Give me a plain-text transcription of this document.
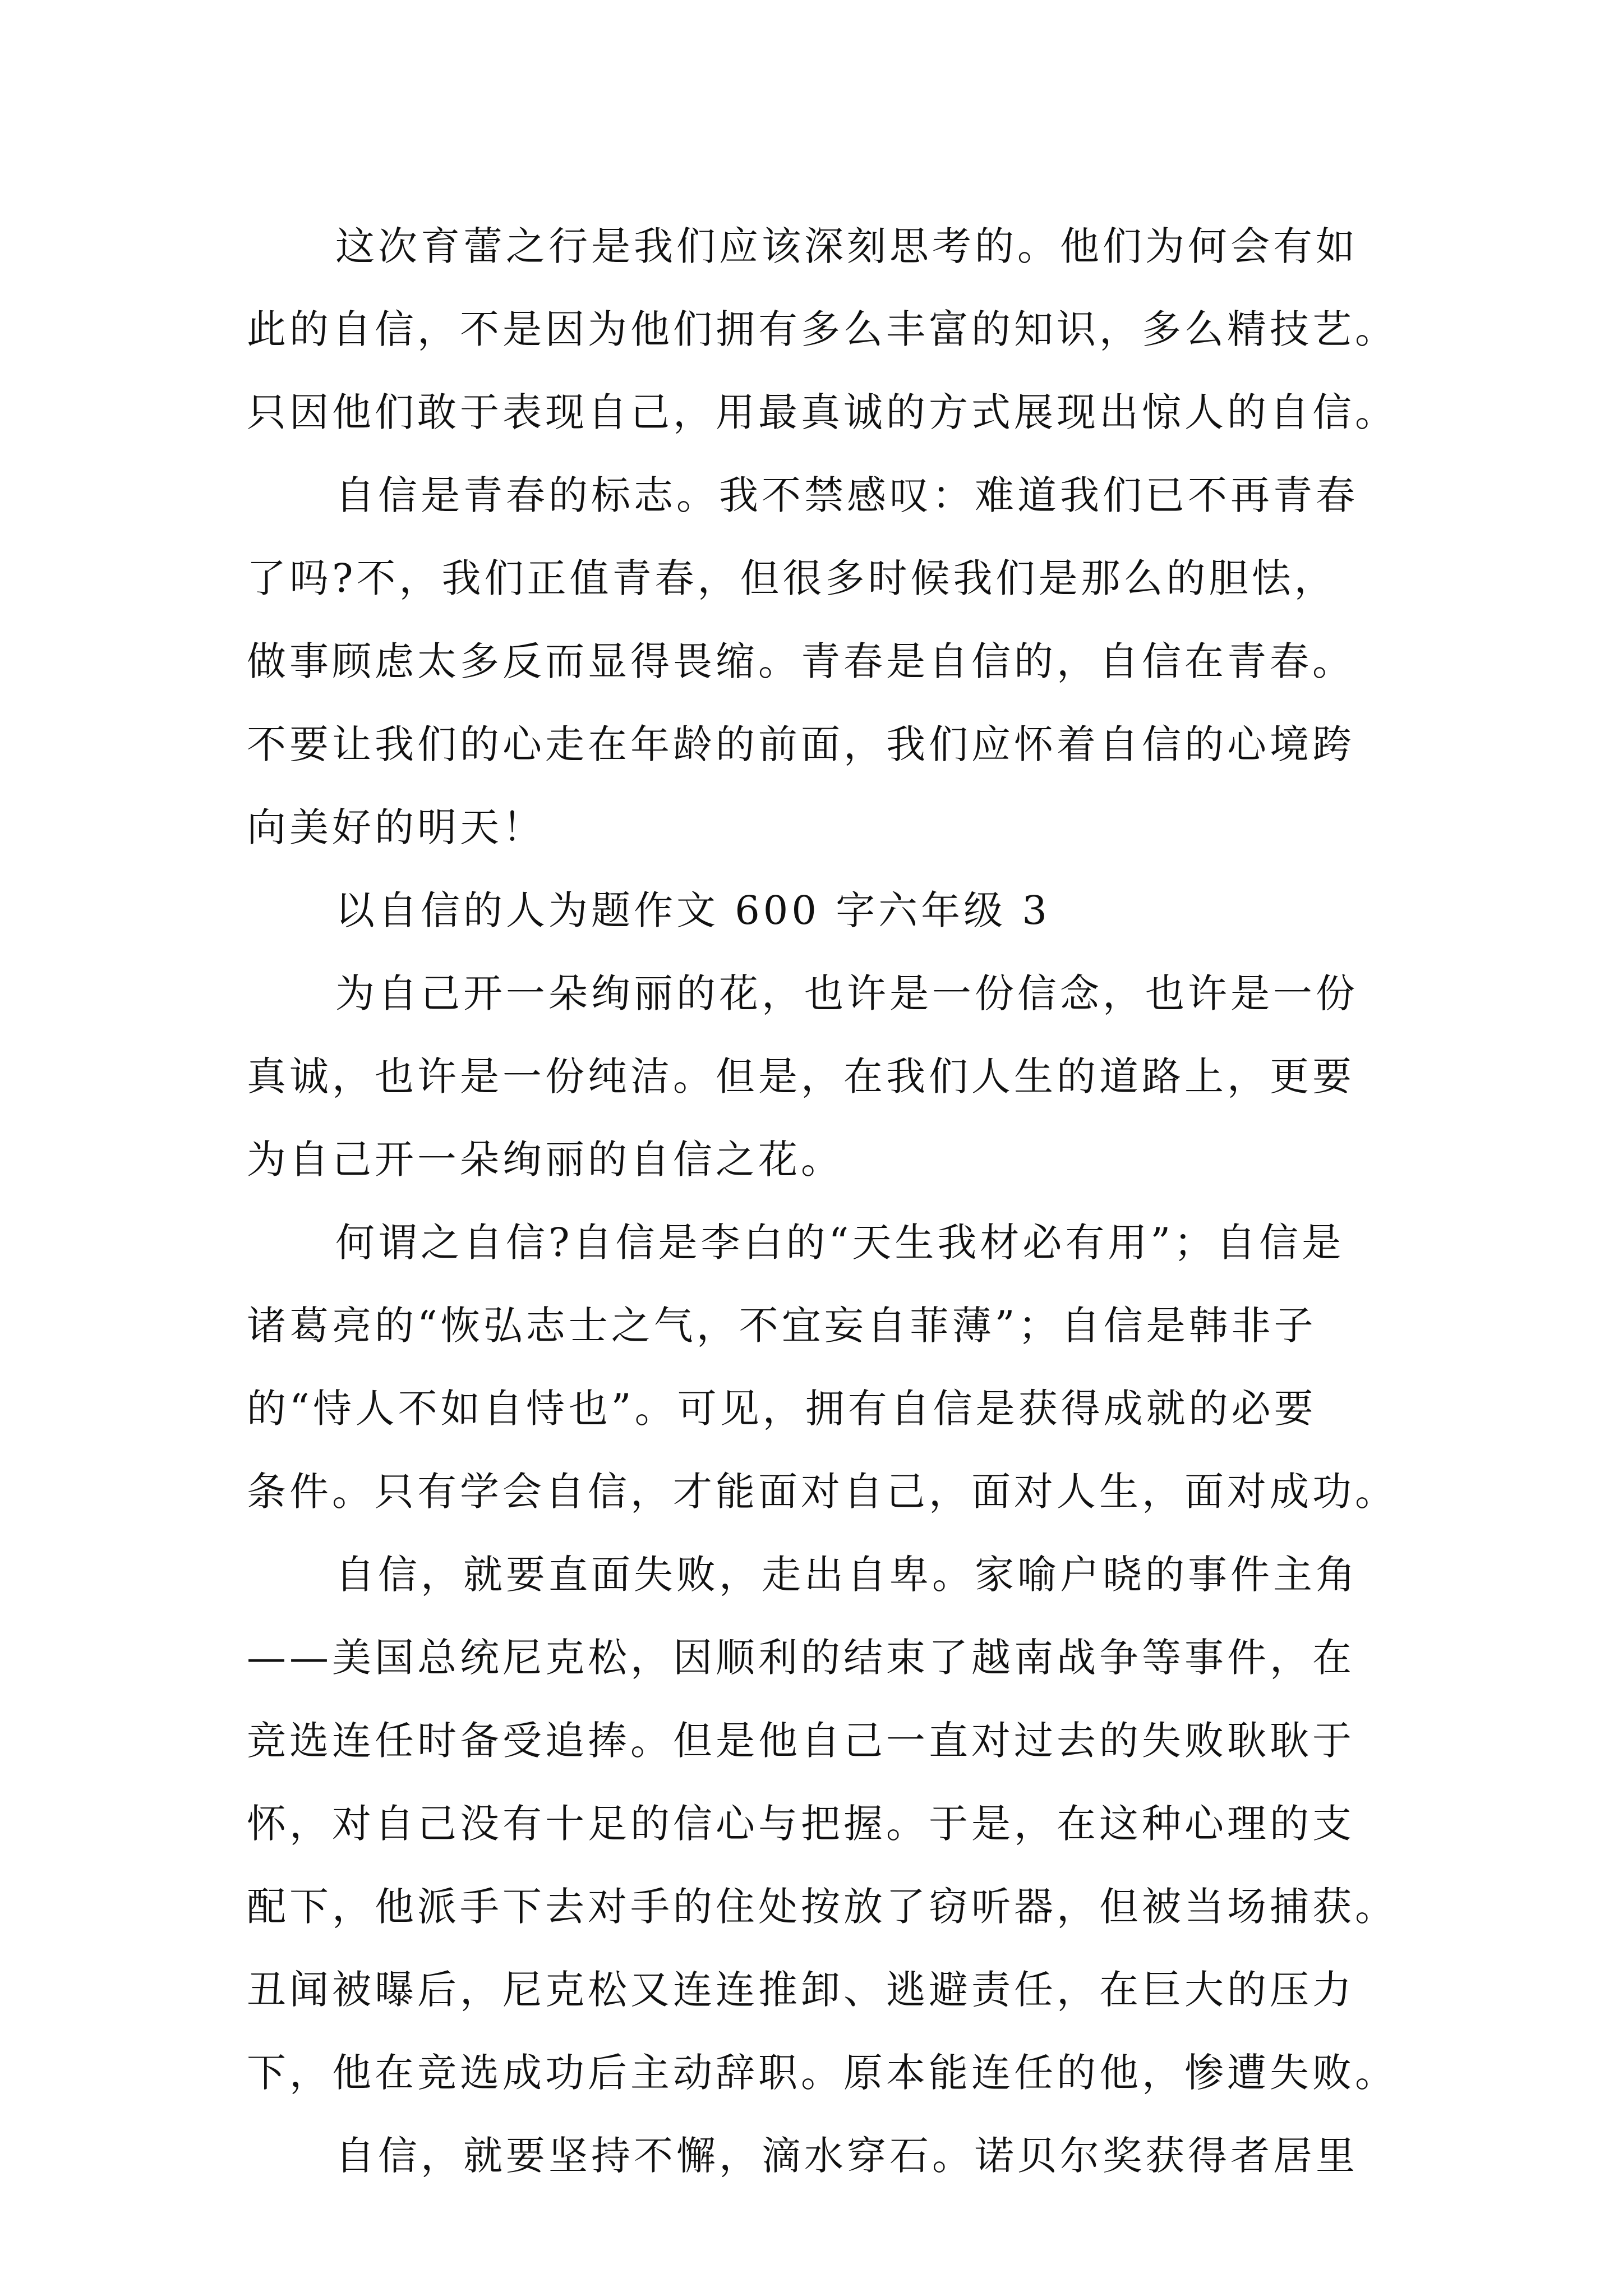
这次育蕾之行是我们应该深刻思考的。他们为何会有如
此的自信，不是因为他们拥有多么丰富的知识，多么精技艺。
只因他们敢于表现自己，用最真诚的方式展现出惊人的自信。
自信是青春的标志。我不禁感叹：难道我们已不再青春
了吗?不，我们正值青春，但很多时候我们是那么的胆怯，
做事顾虑太多反而显得畏缩。青春是自信的，自信在青春。
不要让我们的心走在年龄的前面，我们应怀着自信的心境跨
向美好的明天！
以自信的人为题作文 600 字六年级 3
为自己开一朵绚丽的花，也许是一份信念，也许是一份
真诚，也许是一份纯洁。但是，在我们人生的道路上，更要
为自己开一朵绚丽的自信之花。
何谓之自信?自信是李白的“天生我材必有用”；自信是
诸葛亮的“恢弘志士之气，不宜妄自菲薄”；自信是韩非子
的“恃人不如自恃也”。可见，拥有自信是获得成就的必要
条件。只有学会自信，才能面对自己，面对人生，面对成功。
自信，就要直面失败，走出自卑。家喻户晓的事件主角
——美国总统尼克松，因顺利的结束了越南战争等事件，在
竞选连任时备受追捧。但是他自己一直对过去的失败耿耿于
怀，对自己没有十足的信心与把握。于是，在这种心理的支
配下，他派手下去对手的住处按放了窃听器，但被当场捕获。
丑闻被曝后，尼克松又连连推卸、逃避责任，在巨大的压力
下，他在竞选成功后主动辞职。原本能连任的他，惨遭失败。
自信，就要坚持不懈，滴水穿石。诺贝尔奖获得者居里
